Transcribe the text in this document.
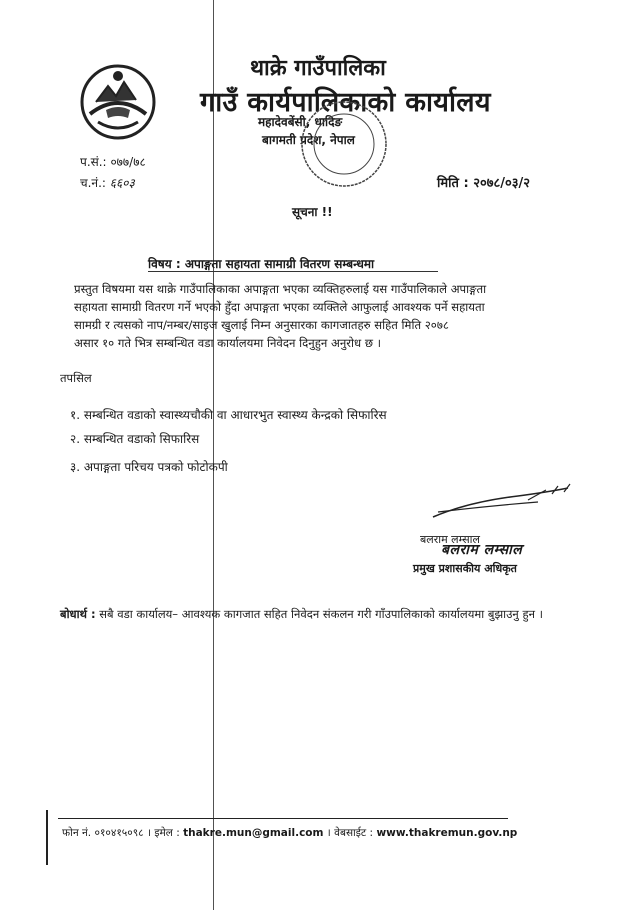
थाक्रे गाउँपालिका
गाउँ कार्यपालिकाको कार्यालय
महादेवबेंसी, धादिङ
बागमती प्रदेश, नेपाल
प.सं.: ०७७/७८
च.नं.: ६६०३	मिति : २०७८/०३/२
सूचना !!
विषय : अपाङ्गता सहायता सामाग्री वितरण सम्बन्धमा
प्रस्तुत विषयमा यस थाक्रे गाउँपालिकाका अपाङ्गता भएका व्यक्तिहरुलाई यस गाउँपालिकाले अपाङ्गता
सहायता सामाग्री वितरण गर्ने भएको हुँदा अपाङ्गता भएका व्यक्तिले आफुलाई आवश्यक पर्ने सहायता
सामग्री र त्यसको नाप/नम्बर/साइज खुलाई निम्न अनुसारका कागजातहरु सहित मिति २०७८
असार १० गते भित्र सम्बन्धित वडा कार्यालयमा निवेदन दिनुहुन अनुरोध छ ।
तपसिल
१. सम्बन्धित वडाको स्वास्थ्यचौकी वा आधारभुत स्वास्थ्य केन्द्रको सिफारिस
२. सम्बन्धित वडाको सिफारिस
३. अपाङ्गता परिचय पत्रको फोटोकपी
बलराम लम्साल
बलराम लम्साल
प्रमुख प्रशासकीय अधिकृत
बोधार्थ : सबै वडा कार्यालय– आवश्यक कागजात सहित निवेदन संकलन गरी गाँउपालिकाको कार्यालयमा बुझाउनु हुन ।
फोन नं. ०१०४१५०९८ । इमेल : thakre.mun@gmail.com । वेबसाईट : www.thakremun.gov.np
